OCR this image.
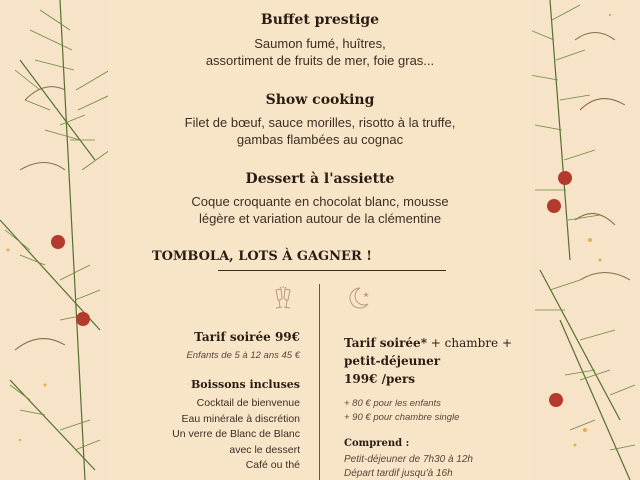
Buffet prestige
Saumon fumé, huîtres,
assortiment de fruits de mer, foie gras...
Show cooking
Filet de bœuf, sauce morilles, risotto à la truffe,
gambas flambées au cognac
Dessert à l'assiette
Coque croquante en chocolat blanc, mousse
légère et variation autour de la clémentine
Tarif soirée 99€
Enfants de 5 à 12 ans 45 €
Boissons incluses
Cocktail de bienvenue
Eau minérale à discrétion
Un verre de Blanc de Blanc
avec le dessert
Café ou thé
Tarif soirée* + chambre +
petit-déjeuner
199€ /pers
+ 80 € pour les enfants
+ 90 € pour chambre single
Comprend :
Petit-déjeuner de 7h30 à 12h
Départ tardif jusqu'à 16h
TOMBOLA, LOTS À GAGNER !
